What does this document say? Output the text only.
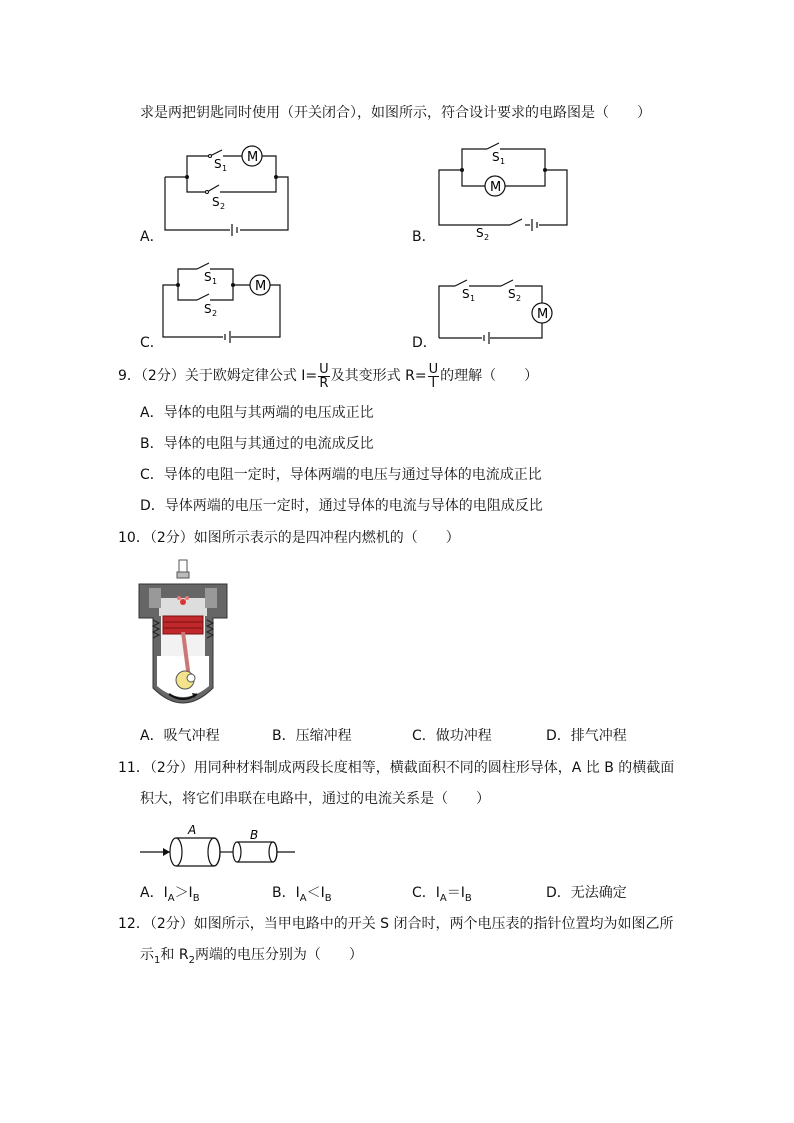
求是两把钥匙同时使用（开关闭合），如图所示，符合设计要求的电路图是（　　）
A．
M
S 1
S 2
B．
M
S 1
S 2
C．
M
S 1
S 2
D．
M
S 1	S 2
9．（2分）关于欧姆定律公式 $I= \frac{U}{R}$ 及其变形式 $R= \frac{U}{I}$ 的理解（　　）
A．导体的电阻与其两端的电压成正比
B．导体的电阻与其通过的电流成反比
C．导体的电阻一定时，导体两端的电压与通过导体的电流成正比
D．导体两端的电压一定时，通过导体的电流与导体的电阻成反比
10．（2分）如图所示表示的是四冲程内燃机的（　　）
A．吸气冲程	B．压缩冲程	C．做功冲程	D．排气冲程
11．（2分）用同种材料制成两段长度相等，横截面积不同的圆柱形导体，A 比 B 的横截面
积大，将它们串联在电路中，通过的电流关系是（　　）
A	B
A．$I_A>I_B$	B．$I_A<I_B$	C．$I_A=I_B$	D．无法确定
12．（2分）如图所示，当甲电路中的开关 S 闭合时，两个电压表的指针位置均为如图乙所
示$_1$和 $R_2$两端的电压分别为（　　）
